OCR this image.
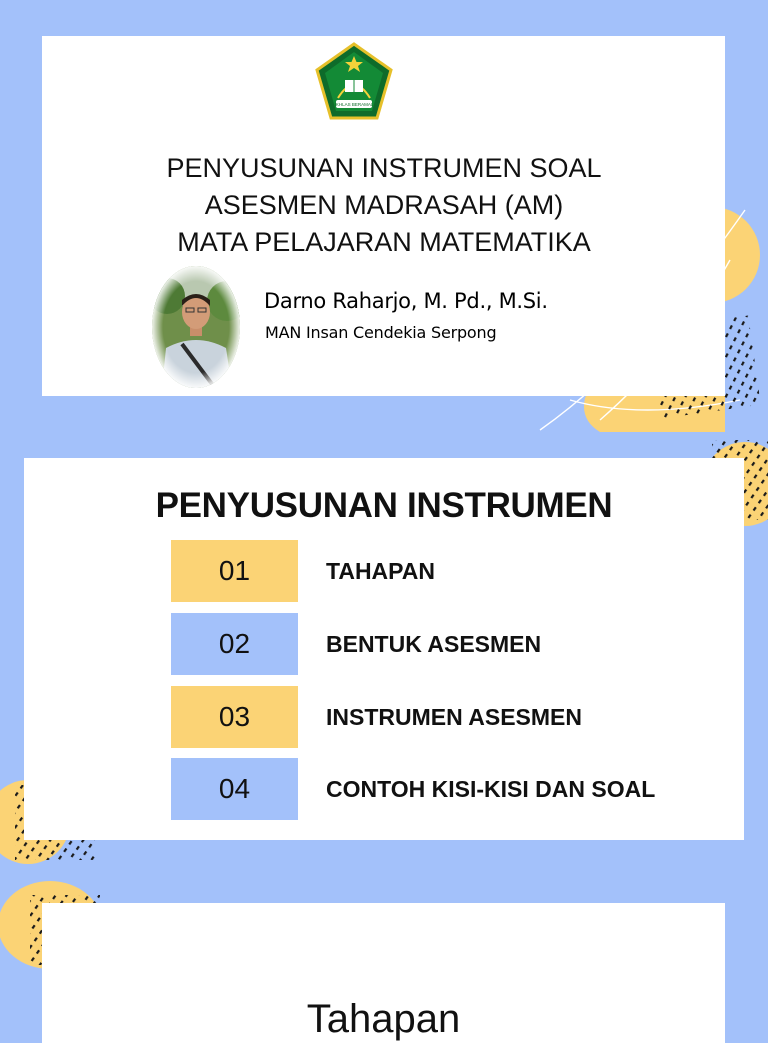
IKHLAS BERAMAL
PENYUSUNAN INSTRUMEN SOAL
ASESMEN MADRASAH (AM)
MATA PELAJARAN MATEMATIKA
Darno Raharjo, M. Pd., M.Si.
MAN Insan Cendekia Serpong
PENYUSUNAN INSTRUMEN
01	TAHAPAN
02	BENTUK ASESMEN
03	INSTRUMEN ASESMEN
04	CONTOH KISI-KISI DAN SOAL
Tahapan
